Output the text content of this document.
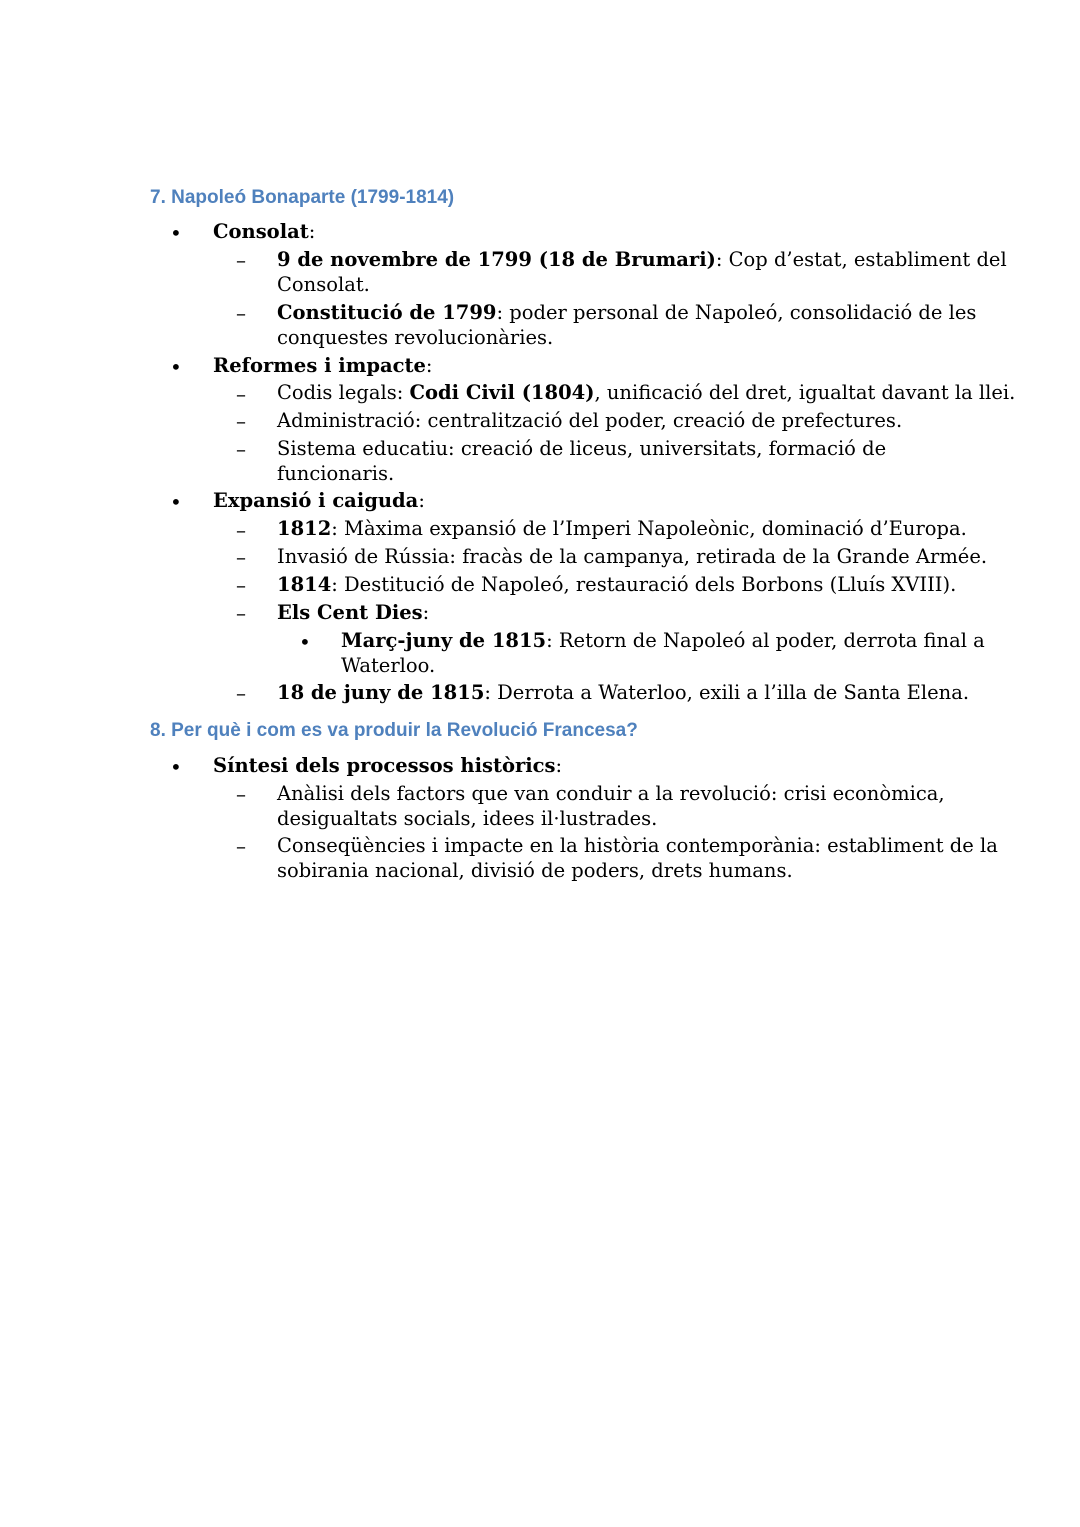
7. Napoleó Bonaparte (1799-1814)
• Consolat:
– 9 de novembre de 1799 (18 de Brumari): Cop d’estat, establiment del
Consolat.
– Constitució de 1799: poder personal de Napoleó, consolidació de les
conquestes revolucionàries.
• Reformes i impacte:
– Codis legals: Codi Civil (1804), unificació del dret, igualtat davant la llei.
– Administració: centralització del poder, creació de prefectures.
– Sistema educatiu: creació de liceus, universitats, formació de
funcionaris.
• Expansió i caiguda:
– 1812: Màxima expansió de l’Imperi Napoleònic, dominació d’Europa.
– Invasió de Rússia: fracàs de la campanya, retirada de la Grande Armée.
– 1814: Destitució de Napoleó, restauració dels Borbons (Lluís XVIII).
– Els Cent Dies:
• Març-juny de 1815: Retorn de Napoleó al poder, derrota final a
Waterloo.
– 18 de juny de 1815: Derrota a Waterloo, exili a l’illa de Santa Elena.
8. Per què i com es va produir la Revolució Francesa?
• Síntesi dels processos històrics:
– Anàlisi dels factors que van conduir a la revolució: crisi econòmica,
desigualtats socials, idees il·lustrades.
– Conseqüències i impacte en la història contemporània: establiment de la
sobirania nacional, divisió de poders, drets humans.
